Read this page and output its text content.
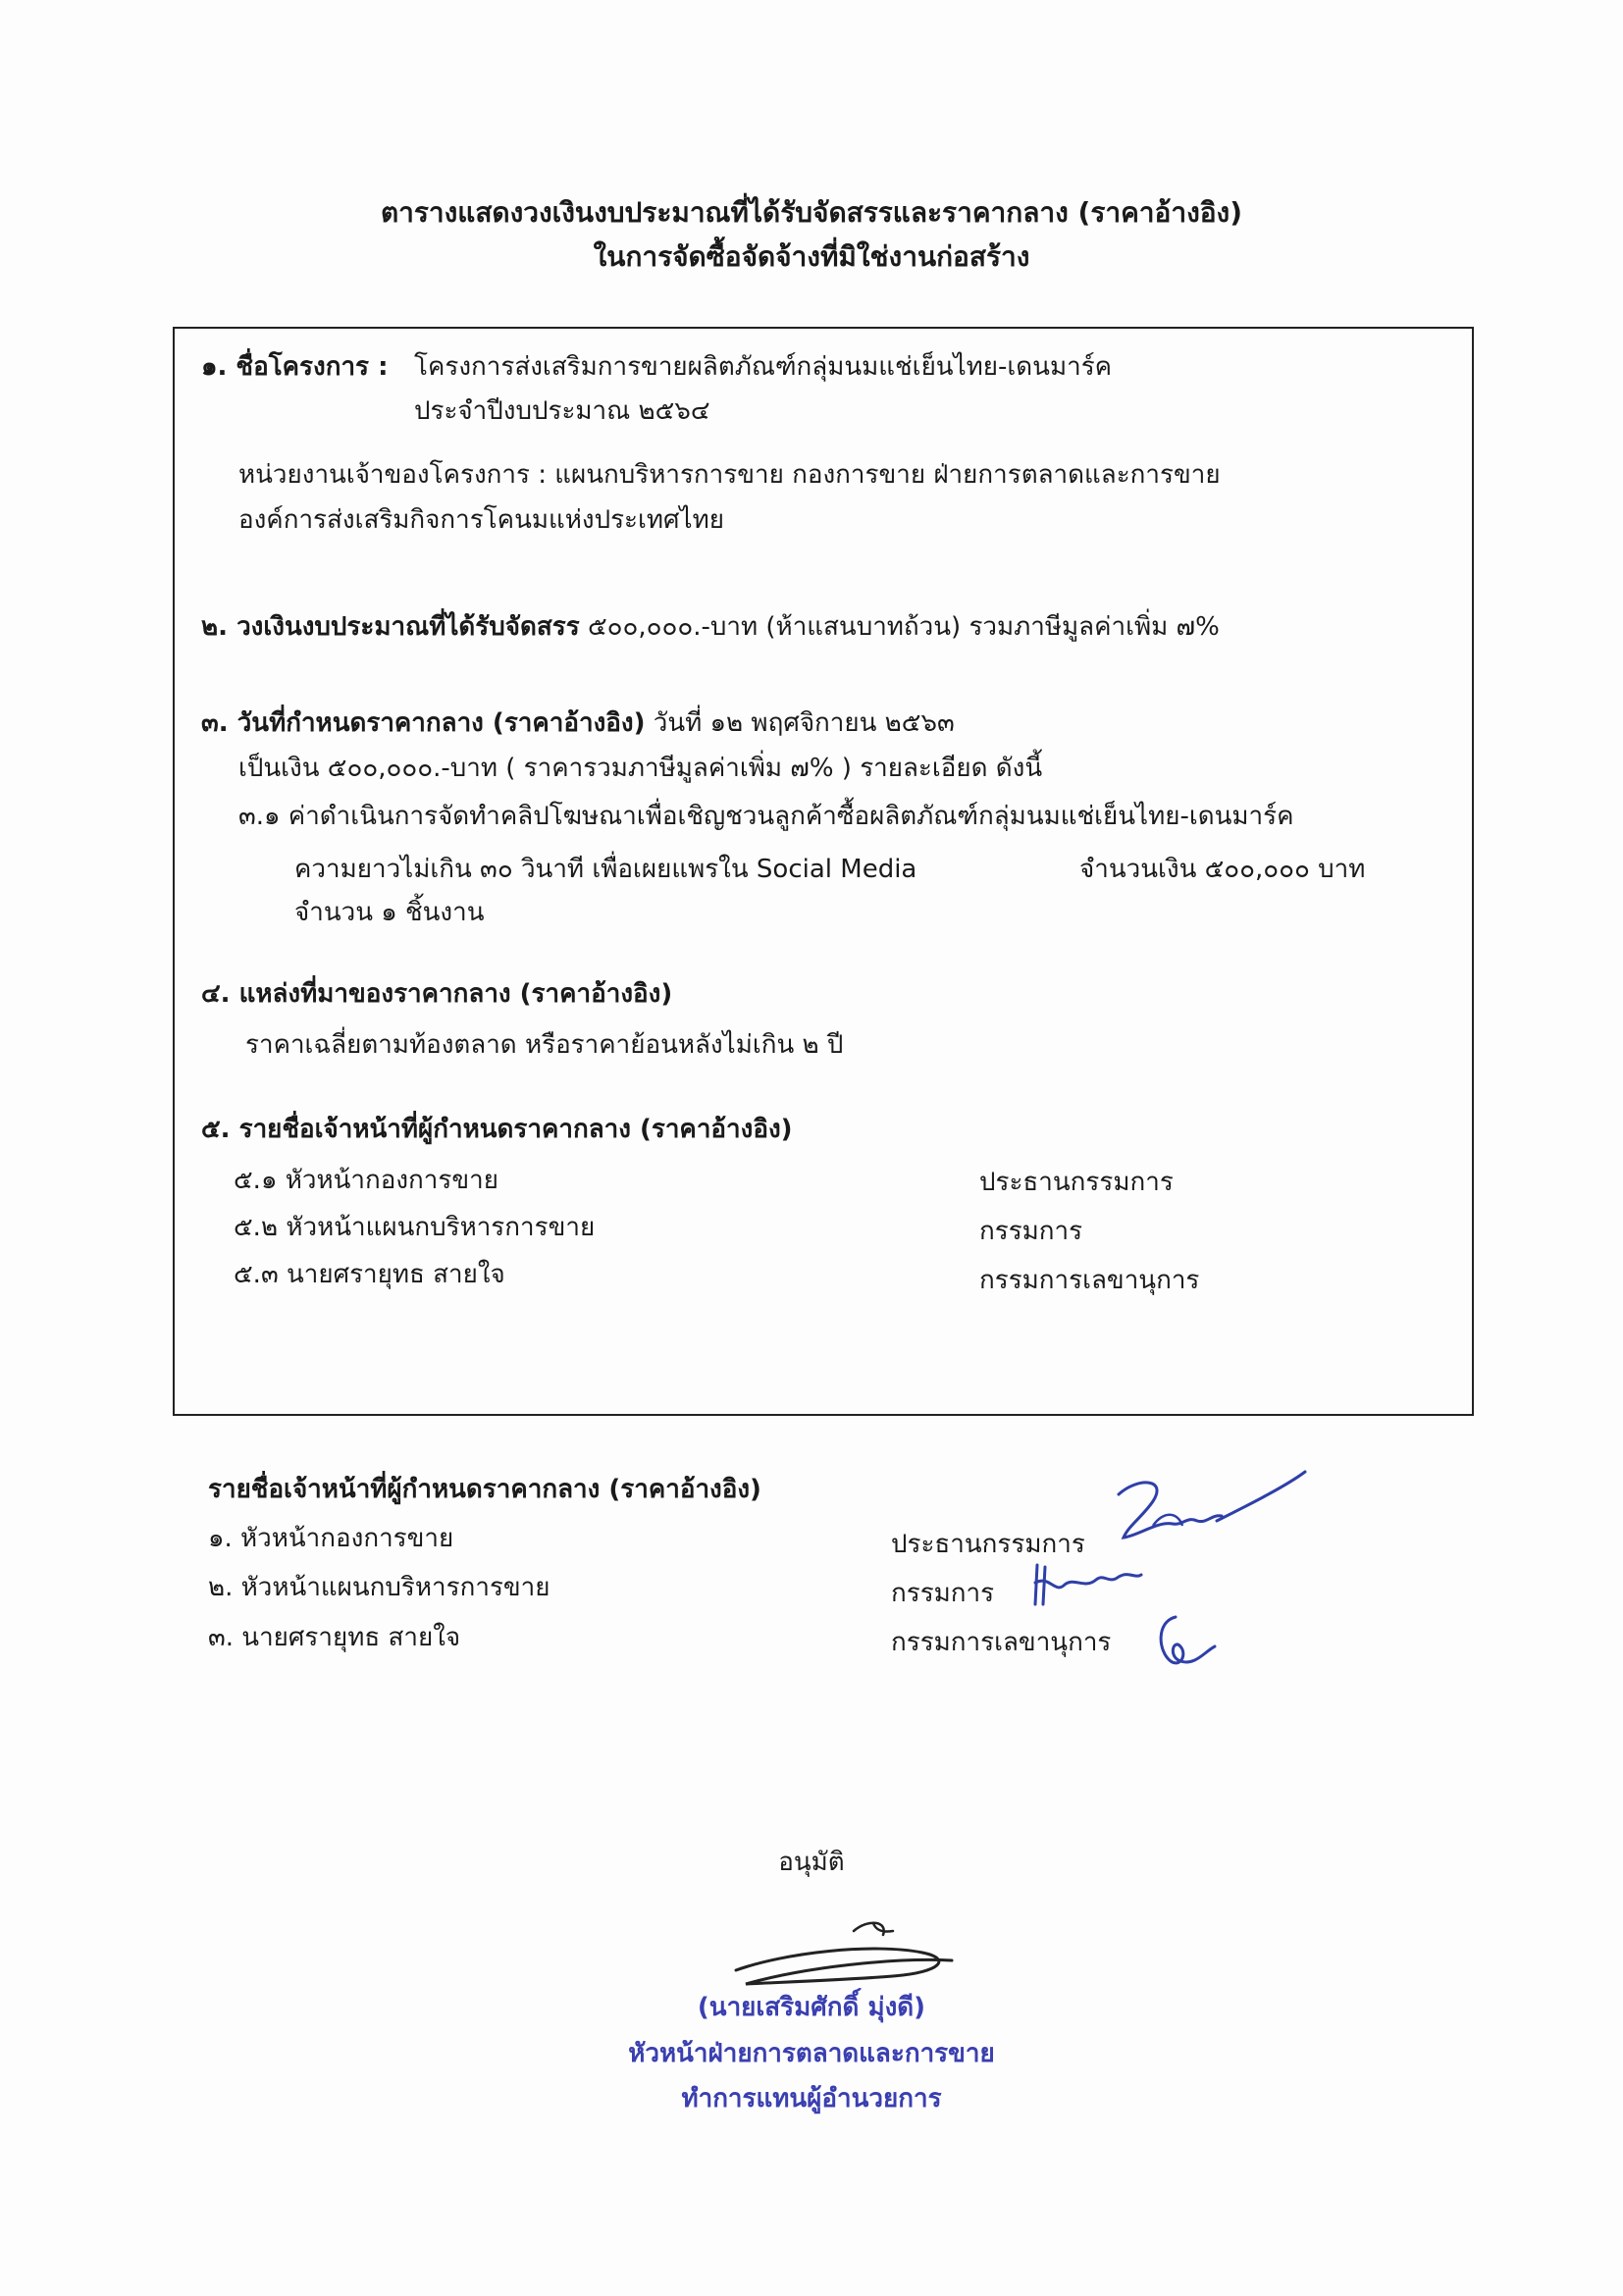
ตารางแสดงวงเงินงบประมาณที่ได้รับจัดสรรและราคากลาง (ราคาอ้างอิง)
ในการจัดซื้อจัดจ้างที่มิใช่งานก่อสร้าง
๑. ชื่อโครงการ : โครงการส่งเสริมการขายผลิตภัณฑ์กลุ่มนมแช่เย็นไทย-เดนมาร์ค
ประจำปีงบประมาณ ๒๕๖๔
หน่วยงานเจ้าของโครงการ : แผนกบริหารการขาย กองการขาย ฝ่ายการตลาดและการขาย
องค์การส่งเสริมกิจการโคนมแห่งประเทศไทย
๒. วงเงินงบประมาณที่ได้รับจัดสรร ๕๐๐,๐๐๐.-บาท (ห้าแสนบาทถ้วน) รวมภาษีมูลค่าเพิ่ม ๗%
๓. วันที่กำหนดราคากลาง (ราคาอ้างอิง) วันที่ ๑๒ พฤศจิกายน ๒๕๖๓
เป็นเงิน ๕๐๐,๐๐๐.-บาท ( ราคารวมภาษีมูลค่าเพิ่ม ๗% ) รายละเอียด ดังนี้
๓.๑ ค่าดำเนินการจัดทำคลิปโฆษณาเพื่อเชิญชวนลูกค้าซื้อผลิตภัณฑ์กลุ่มนมแช่เย็นไทย-เดนมาร์ค
ความยาวไม่เกิน ๓๐ วินาที เพื่อเผยแพรใน Social Media	จำนวนเงิน ๕๐๐,๐๐๐ บาท
จำนวน ๑ ชิ้นงาน
๔. แหล่งที่มาของราคากลาง (ราคาอ้างอิง)
ราคาเฉลี่ยตามท้องตลาด หรือราคาย้อนหลังไม่เกิน ๒ ปี
๕. รายชื่อเจ้าหน้าที่ผู้กำหนดราคากลาง (ราคาอ้างอิง)
๕.๑ หัวหน้ากองการขาย	ประธานกรรมการ
๕.๒ หัวหน้าแผนกบริหารการขาย	กรรมการ
๕.๓ นายศรายุทธ สายใจ	กรรมการเลขานุการ
รายชื่อเจ้าหน้าที่ผู้กำหนดราคากลาง (ราคาอ้างอิง)
๑. หัวหน้ากองการขาย	ประธานกรรมการ
๒. หัวหน้าแผนกบริหารการขาย	กรรมการ
๓. นายศรายุทธ สายใจ	กรรมการเลขานุการ
อนุมัติ
(นายเสริมศักดิ์ มุ่งดี)
หัวหน้าฝ่ายการตลาดและการขาย
ทำการแทนผู้อำนวยการ
